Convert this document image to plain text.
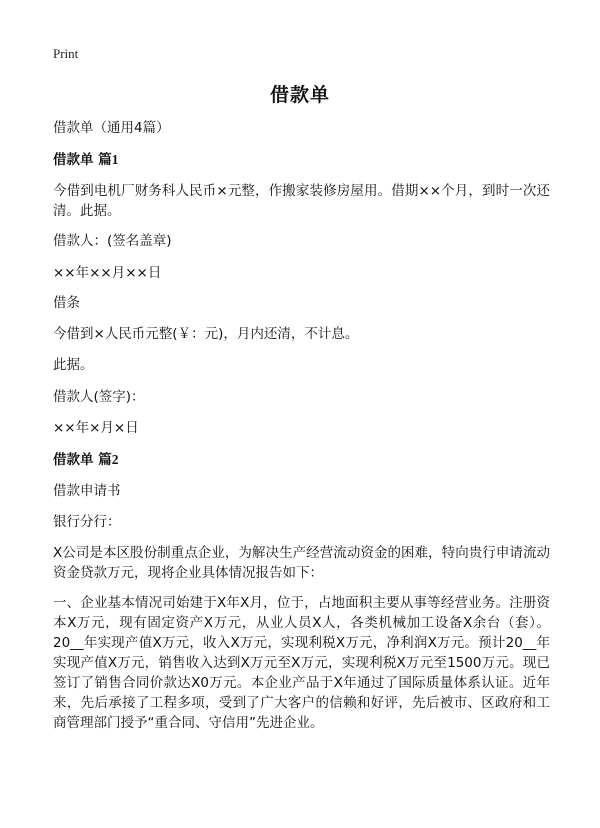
Print
借款单
借款单（通用4篇）
借款单 篇1
今借到电机厂财务科人民币×元整，作搬家装修房屋用。借期××个月，到时一次还清。此据。
借款人：(签名盖章)
××年××月××日
借条
今借到×人民币元整(￥：元)，月内还清，不计息。
此据。
借款人(签字)：
××年×月×日
借款单 篇2
借款申请书
银行分行：
X公司是本区股份制重点企业，为解决生产经营流动资金的困难，特向贵行申请流动资金贷款万元，现将企业具体情况报告如下：
一、企业基本情况司始建于X年X月，位于，占地面积主要从事等经营业务。注册资本X万元，现有固定资产X万元，从业人员X人，各类机械加工设备X余台（套）。20__年实现产值X万元，收入X万元，实现利税X万元，净利润X万元。预计20__年实现产值X万元，销售收入达到X万元至X万元，实现利税X万元至1500万元。现已签订了销售合同价款达X0万元。本企业产品于X年通过了国际质量体系认证。近年来，先后承接了工程多项，受到了广大客户的信赖和好评，先后被市、区政府和工商管理部门授予“重合同、守信用”先进企业。
